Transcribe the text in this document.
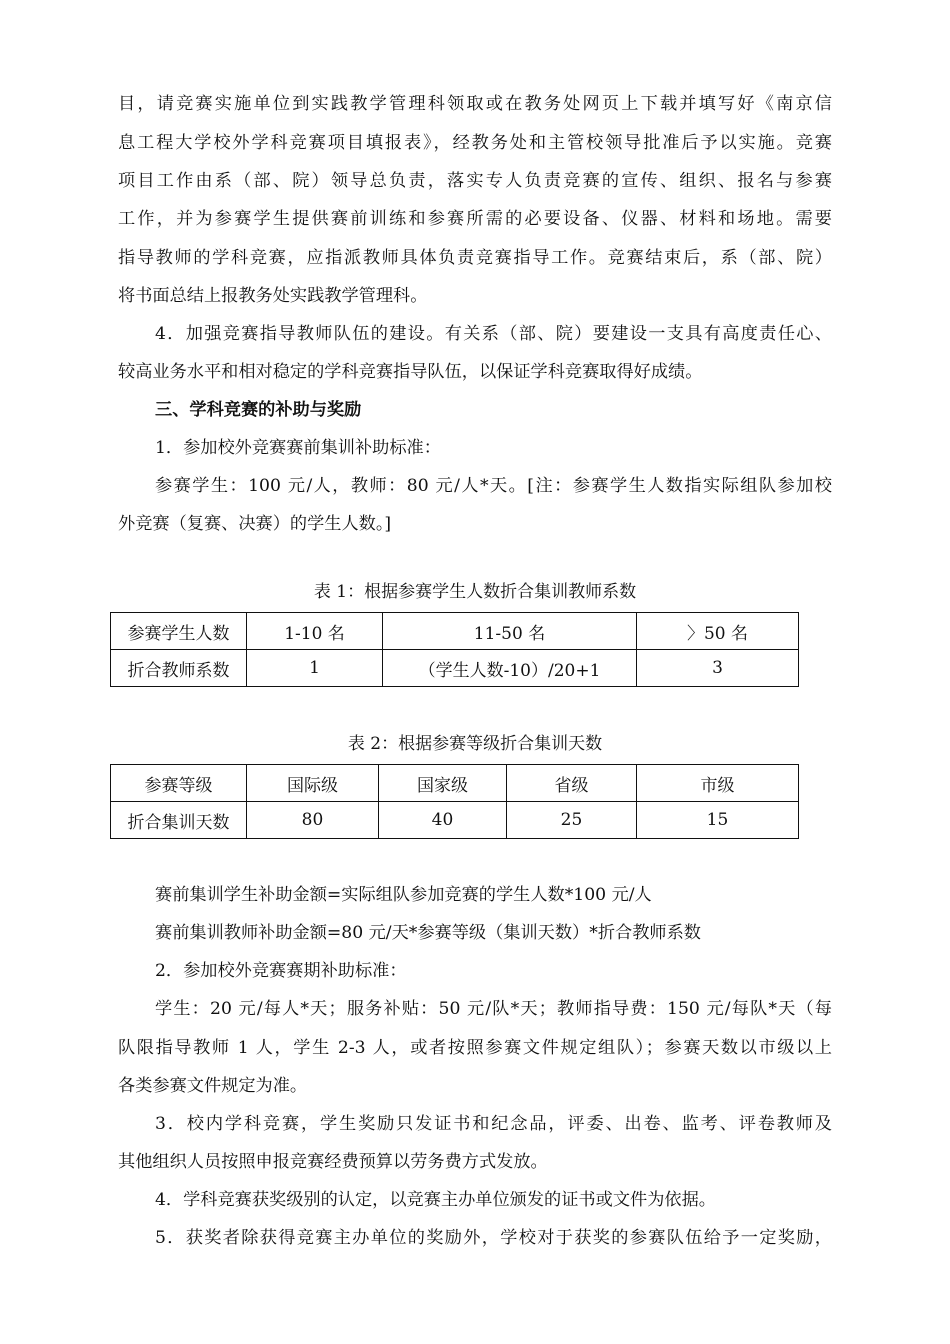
目，请竞赛实施单位到实践教学管理科领取或在教务处网页上下载并填写好《南京信
息工程大学校外学科竞赛项目填报表》，经教务处和主管校领导批准后予以实施。竞赛
项目工作由系（部、院）领导总负责，落实专人负责竞赛的宣传、组织、报名与参赛
工作，并为参赛学生提供赛前训练和参赛所需的必要设备、仪器、材料和场地。需要
指导教师的学科竞赛，应指派教师具体负责竞赛指导工作。竞赛结束后，系（部、院）
将书面总结上报教务处实践教学管理科。
4．加强竞赛指导教师队伍的建设。有关系（部、院）要建设一支具有高度责任心、
较高业务水平和相对稳定的学科竞赛指导队伍，以保证学科竞赛取得好成绩。
三、学科竞赛的补助与奖励
1．参加校外竞赛赛前集训补助标准：
参赛学生：100 元/人，教师：80 元/人*天。[注：参赛学生人数指实际组队参加校
外竞赛（复赛、决赛）的学生人数。]
表 1：根据参赛学生人数折合集训教师系数
参赛学生人数	1-10 名	11-50 名	〉50 名
折合教师系数	1	（学生人数-10）/20+1	3
表 2：根据参赛等级折合集训天数
参赛等级	国际级	国家级	省级	市级
折合集训天数	80	40	25	15
赛前集训学生补助金额=实际组队参加竞赛的学生人数*100 元/人
赛前集训教师补助金额=80 元/天*参赛等级（集训天数）*折合教师系数
2．参加校外竞赛赛期补助标准：
学生：20 元/每人*天；服务补贴：50 元/队*天；教师指导费：150 元/每队*天（每
队限指导教师 1 人，学生 2-3 人，或者按照参赛文件规定组队）；参赛天数以市级以上
各类参赛文件规定为准。
3．校内学科竞赛，学生奖励只发证书和纪念品，评委、出卷、监考、评卷教师及
其他组织人员按照申报竞赛经费预算以劳务费方式发放。
4．学科竞赛获奖级别的认定，以竞赛主办单位颁发的证书或文件为依据。
5．获奖者除获得竞赛主办单位的奖励外，学校对于获奖的参赛队伍给予一定奖励，
